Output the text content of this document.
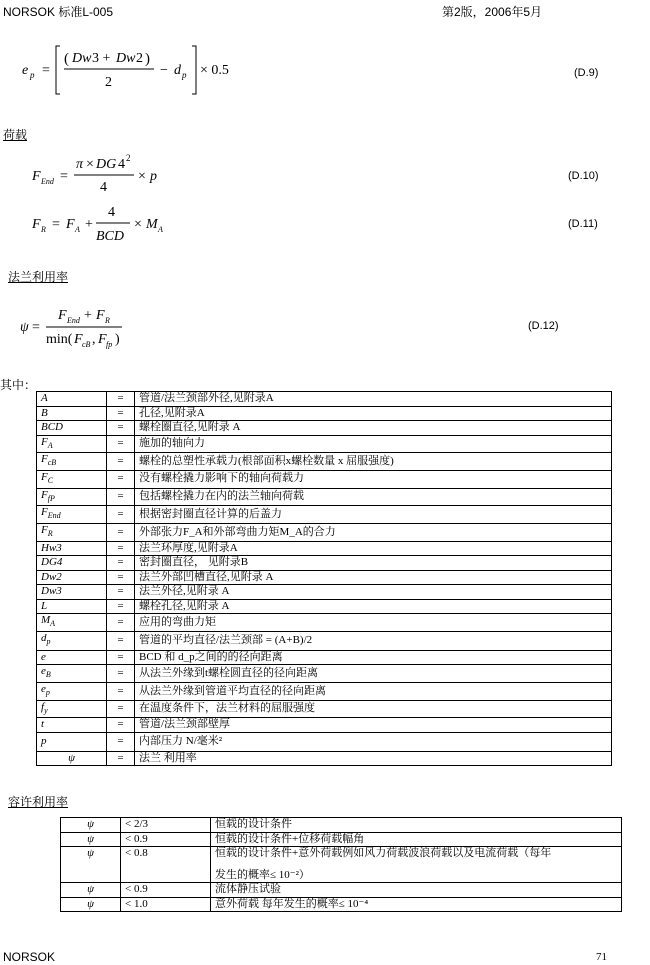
NORSOK 标准L-005	第2版，2006年5月
e p =
( Dw 3 + Dw 2 )
2
− d p × 0.5	(D.9)
荷载
F End =
π × DG 4 2
4
× p	(D.10)
F R = F A +
4
BCD
× M A	(D.11)
法兰利用率
ψ =
F End + F R
min( F cB , F fp )
(D.12)
其中：
A	=	管道/法兰颈部外径,见附录A
B	=	孔径,见附录A
BCD	=	螺栓圈直径,见附录 A
$F_A$	=	施加的轴向力
$F_{cB}$	=	螺栓的总塑性承载力(根部面积x螺栓数量 x 屈服强度)
$F_C$	=	没有螺栓撬力影响下的轴向荷载力
$F_{fP}$	=	包括螺栓撬力在内的法兰轴向荷载
$F_{End}$	=	根据密封圈直径计算的后盖力
$F_R$	=	外部张力F_A和外部弯曲力矩M_A的合力
Hw3	=	法兰环厚度,见附录A
DG4	=	密封圈直径， 见附录B
Dw2	=	法兰外部凹槽直径,见附录 A
Dw3	=	法兰外径,见附录 A
L	=	螺栓孔径,见附录 A
$M_A$	=	应用的弯曲力矩
$d_p$	=	管道的平均直径/法兰颈部 = (A+B)/2
e	=	BCD 和 d_p之间的的径向距离
$e_B$	=	从法兰外缘到t螺栓圆直径的径向距离
$e_p$	=	从法兰外缘到管道平均直径的径向距离
$f_y$	=	在温度条件下，法兰材料的屈服强度
t	=	管道/法兰颈部壁厚
p	=	内部压力 N/毫米²
ψ	=	法兰 利用率
容许利用率
ψ	< 2/3	恒载的设计条件

ψ	< 0.9	恒载的设计条件+位移荷载幅角

ψ	< 0.8	恒载的设计条件+意外荷载例如风力荷载波浪荷载以及电流荷载（每年
发生的概率≤ 10⁻²）

ψ	< 0.9	流体静压试验

ψ	< 1.0	意外荷载 每年发生的概率≤ 10⁻⁴
NORSOK	71
